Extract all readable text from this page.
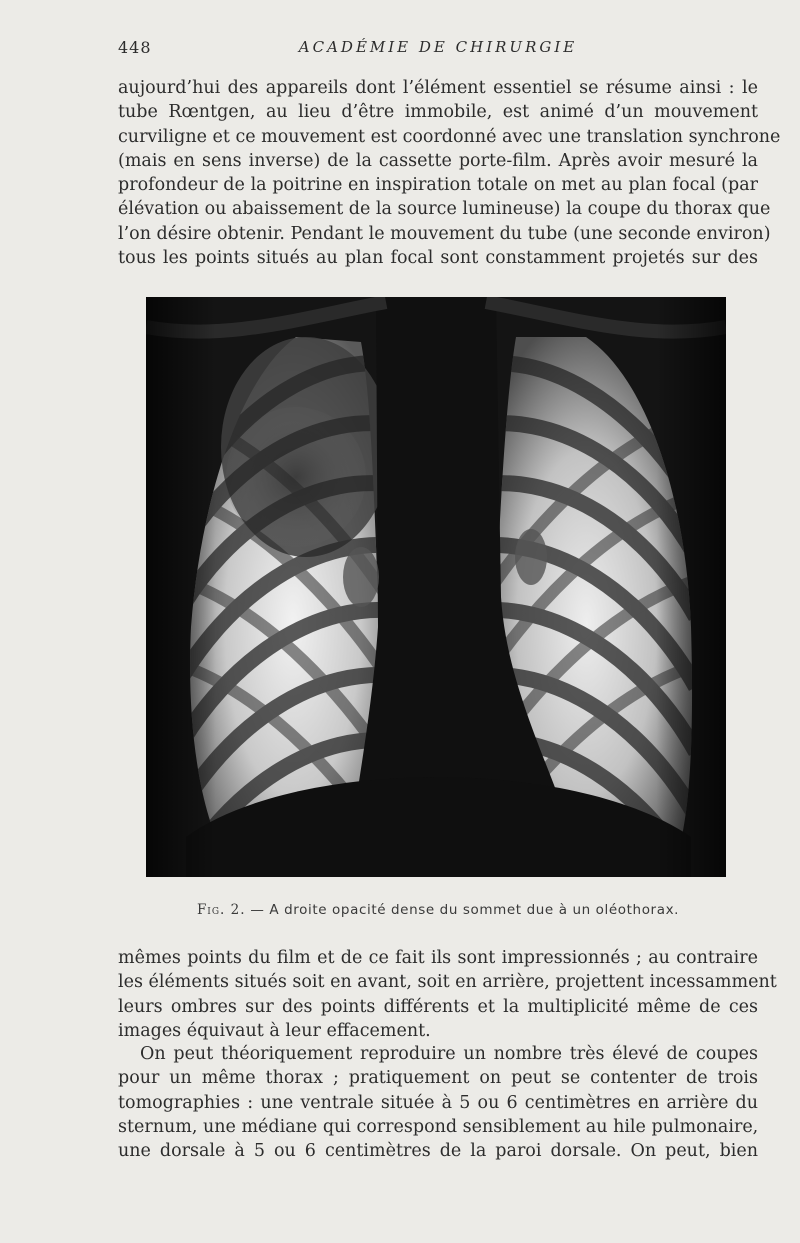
448	ACADÉMIE DE CHIRURGIE
aujourd’hui des appareils dont l’élément essentiel se résume ainsi : le
tube Rœntgen, au lieu d’être immobile, est animé d’un mouvement
curviligne et ce mouvement est coordonné avec une translation synchrone
(mais en sens inverse) de la cassette porte-film. Après avoir mesuré la
profondeur de la poitrine en inspiration totale on met au plan focal (par
élévation ou abaissement de la source lumineuse) la coupe du thorax que
l’on désire obtenir. Pendant le mouvement du tube (une seconde environ)
tous les points situés au plan focal sont constamment projetés sur des
Fig. 2. — A droite opacité dense du sommet due à un oléothorax.
mêmes points du film et de ce fait ils sont impressionnés ; au contraire
les éléments situés soit en avant, soit en arrière, projettent incessamment
leurs ombres sur des points différents et la multiplicité même de ces
images équivaut à leur effacement.
On peut théoriquement reproduire un nombre très élevé de coupes
pour un même thorax ; pratiquement on peut se contenter de trois
tomographies : une ventrale située à 5 ou 6 centimètres en arrière du
sternum, une médiane qui correspond sensiblement au hile pulmonaire,
une dorsale à 5 ou 6 centimètres de la paroi dorsale. On peut, bien
